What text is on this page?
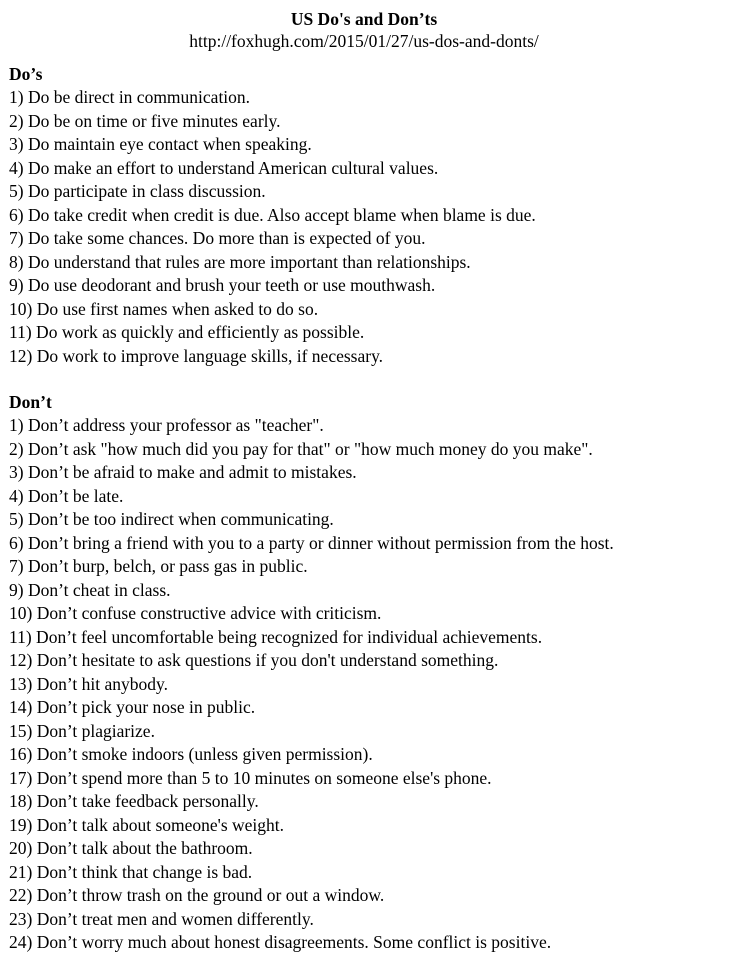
US Do's and Don’ts
http://foxhugh.com/2015/01/27/us-dos-and-donts/
Do’s
1) Do be direct in communication.
2) Do be on time or five minutes early.
3) Do maintain eye contact when speaking.
4) Do make an effort to understand American cultural values.
5) Do participate in class discussion.
6) Do take credit when credit is due. Also accept blame when blame is due.
7) Do take some chances. Do more than is expected of you.
8) Do understand that rules are more important than relationships.
9) Do use deodorant and brush your teeth or use mouthwash.
10) Do use first names when asked to do so.
11) Do work as quickly and efficiently as possible.
12) Do work to improve language skills, if necessary.
Don’t
1) Don’t address your professor as "teacher".
2) Don’t ask "how much did you pay for that" or "how much money do you make".
3) Don’t be afraid to make and admit to mistakes.
4) Don’t be late.
5) Don’t be too indirect when communicating.
6) Don’t bring a friend with you to a party or dinner without permission from the host.
7) Don’t burp, belch, or pass gas in public.
9) Don’t cheat in class.
10) Don’t confuse constructive advice with criticism.
11) Don’t feel uncomfortable being recognized for individual achievements.
12) Don’t hesitate to ask questions if you don't understand something.
13) Don’t hit anybody.
14) Don’t pick your nose in public.
15) Don’t plagiarize.
16) Don’t smoke indoors (unless given permission).
17) Don’t spend more than 5 to 10 minutes on someone else's phone.
18) Don’t take feedback personally.
19) Don’t talk about someone's weight.
20) Don’t talk about the bathroom.
21) Don’t think that change is bad.
22) Don’t throw trash on the ground or out a window.
23) Don’t treat men and women differently.
24) Don’t worry much about honest disagreements. Some conflict is positive.
